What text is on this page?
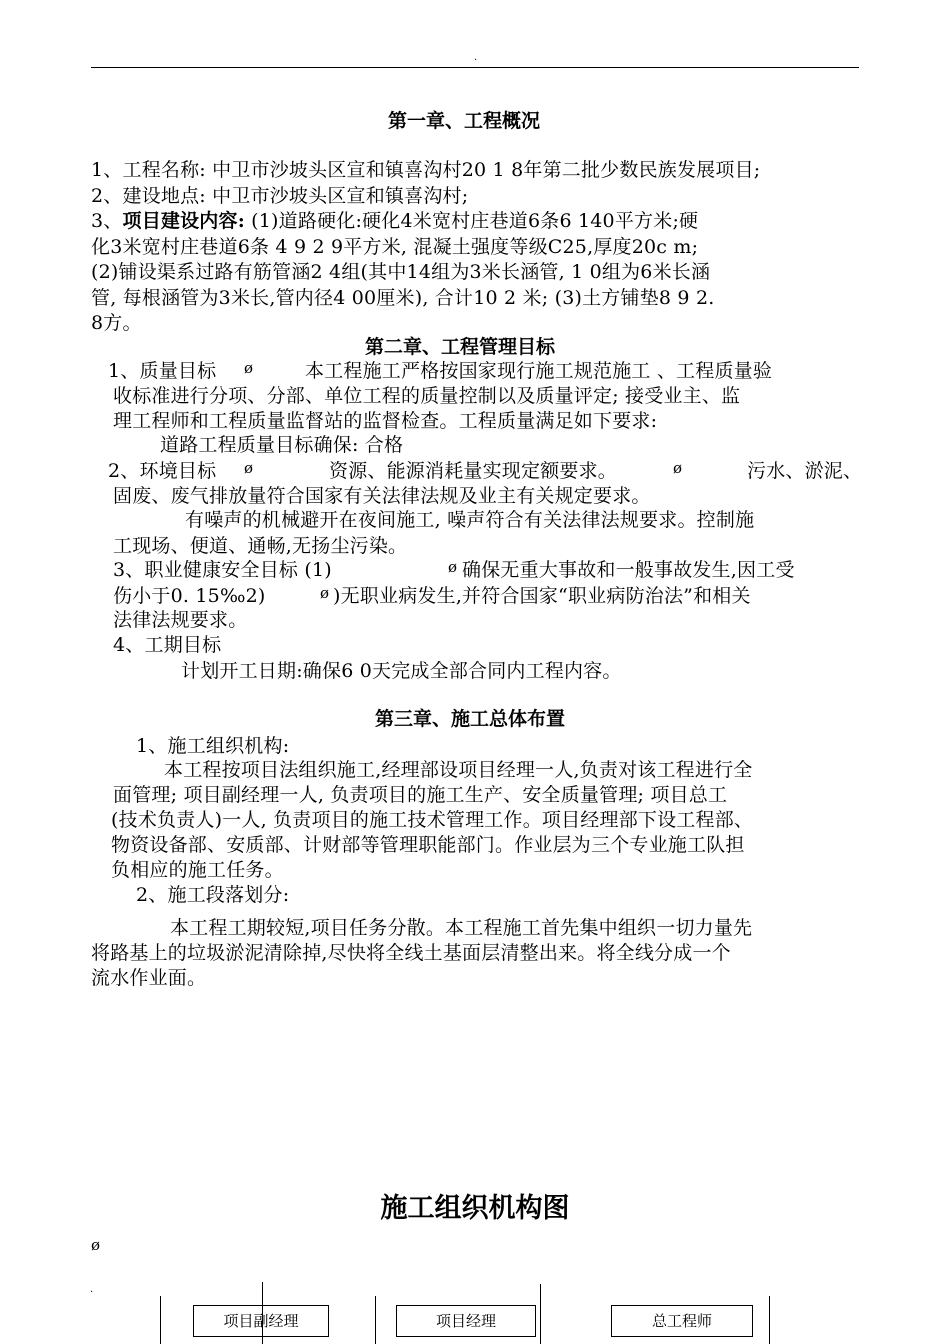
.
第一章、工程概况
1、工程名称: 中卫市沙坡头区宣和镇喜沟村20 1 8年第二批少数民族发展项目;
2、建设地点: 中卫市沙坡头区宣和镇喜沟村;
3、项目建设内容: (1)道路硬化:硬化4米宽村庄巷道6条6 140平方米;硬
化3米宽村庄巷道6条 4 9 2 9平方米, 混凝土强度等级C25,厚度20c m;
(2)铺设渠系过路有筋管涵2 4组(其中14组为3米长涵管, 1 0组为6米长涵
管, 每根涵管为3米长,管内径4 00厘米), 合计10 2 米; (3)土方铺垫8 9 2.
8方。
第二章、工程管理目标
1、质量目标 ø	本工程施工严格按国家现行施工规范施工 、工程质量验
收标准进行分项、分部、单位工程的质量控制以及质量评定; 接受业主、监
理工程师和工程质量监督站的监督检查。工程质量满足如下要求:
道路工程质量目标确保: 合格
2、环境目标 ø	资源、能源消耗量实现定额要求。	ø	污水、淤泥、
固废、废气排放量符合国家有关法律法规及业主有关规定要求。
有噪声的机械避开在夜间施工, 噪声符合有关法律法规要求。控制施
工现场、便道、通畅,无扬尘污染。
3、职业健康安全目标 (1)	ø 确保无重大事故和一般事故发生,因工受
伤小于0. 15‰2)	ø )无职业病发生,并符合国家“职业病防治法”和相关
法律法规要求。
4、工期目标
计划开工日期:确保6 0天完成全部合同内工程内容。
第三章、施工总体布置
1、施工组织机构:
本工程按项目法组织施工,经理部设项目经理一人,负责对该工程进行全
面管理; 项目副经理一人, 负责项目的施工生产、安全质量管理; 项目总工
(技术负责人)一人, 负责项目的施工技术管理工作。项目经理部下设工程部、
物资设备部、安质部、计财部等管理职能部门。作业层为三个专业施工队担
负相应的施工任务。
2、施工段落划分:
本工程工期较短,项目任务分散。本工程施工首先集中组织一切力量先
将路基上的垃圾淤泥清除掉,尽快将全线土基面层清整出来。将全线分成一个
流水作业面。
施工组织机构图
ø
.
项目副经理	项目经理	总工程师
